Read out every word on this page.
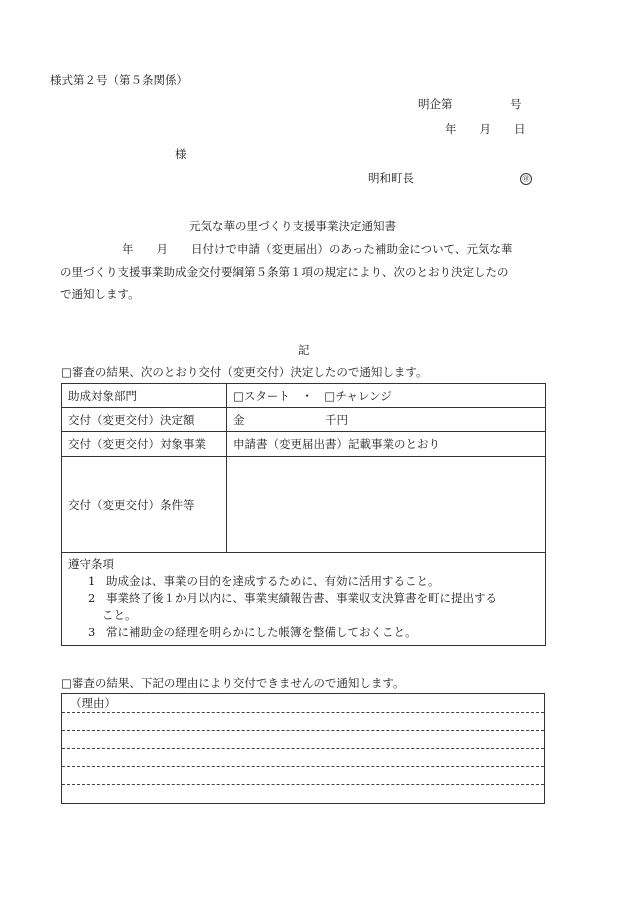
様式第２号（第５条関係）
明企第　　　　　号
年　　月　　日
様
明和町長	㊞
元気な華の里づくり支援事業決定通知書
年　　月　　日付けで申請（変更届出）のあった補助金について、元気な華
の里づくり支援事業助成金交付要綱第５条第１項の規定により、次のとおり決定したの
で通知します。
記
□審査の結果、次のとおり交付（変更交付）決定したので通知します。
助成対象部門	□スタート　・　□チャレンジ
交付（変更交付）決定額	金　　　　　　　千円
交付（変更交付）対象事業	申請書（変更届出書）記載事業のとおり
交付（変更交付）条件等	

遵守条項
1 助成金は、事業の目的を達成するために、有効に活用すること。
2 事業終了後１か月以内に、事業実績報告書、事業収支決算書を町に提出する
こと。
3 常に補助金の経理を明らかにした帳簿を整備しておくこと。	
□審査の結果、下記の理由により交付できませんので通知します。
（理由）
